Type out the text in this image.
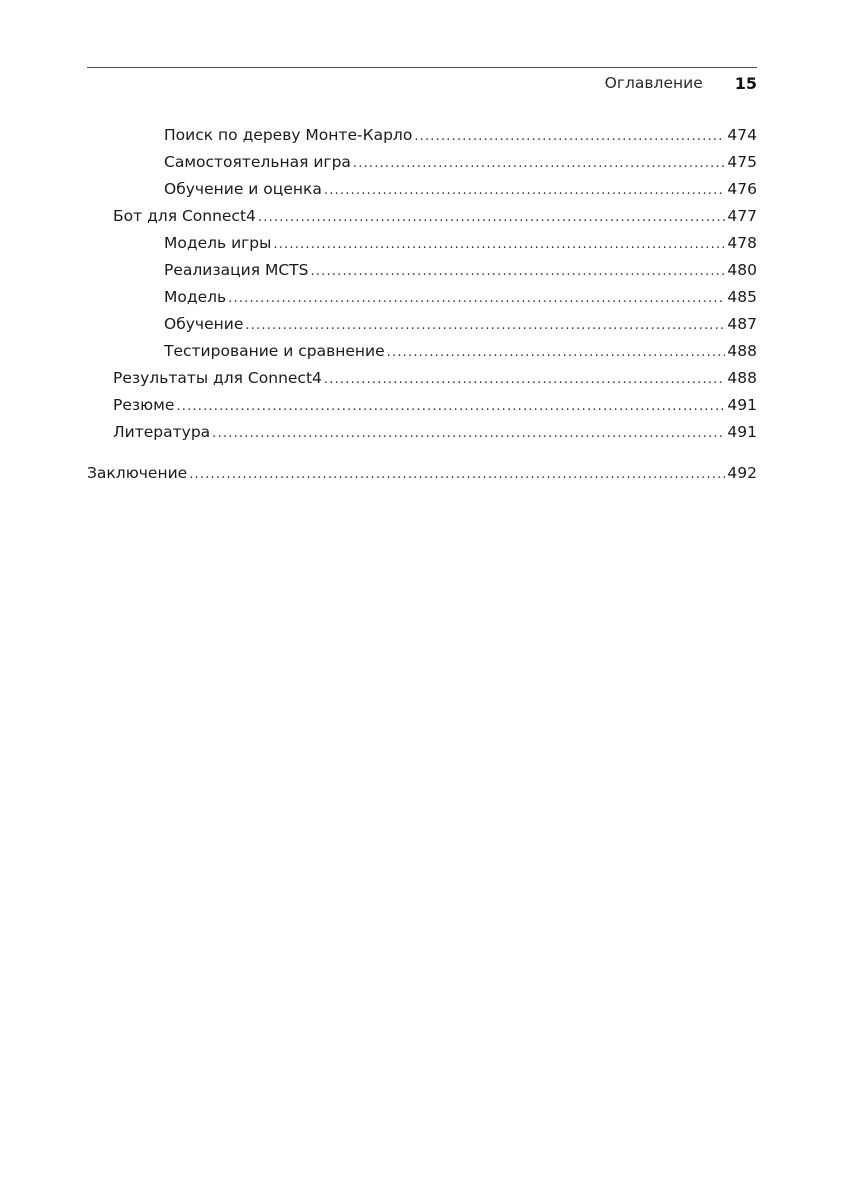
Оглавление 15
Поиск по дереву Монте-Карло .....	474
Самостоятельная игра .....	475
Обучение и оценка .....	476
Бот для Connect4 .....	477
Модель игры .....	478
Реализация MCTS .....	480
Модель .....	485
Обучение .....	487
Тестирование и сравнение .....	488
Результаты для Connect4 .....	488
Резюме .....	491
Литература .....	491
Заключение .....	492
